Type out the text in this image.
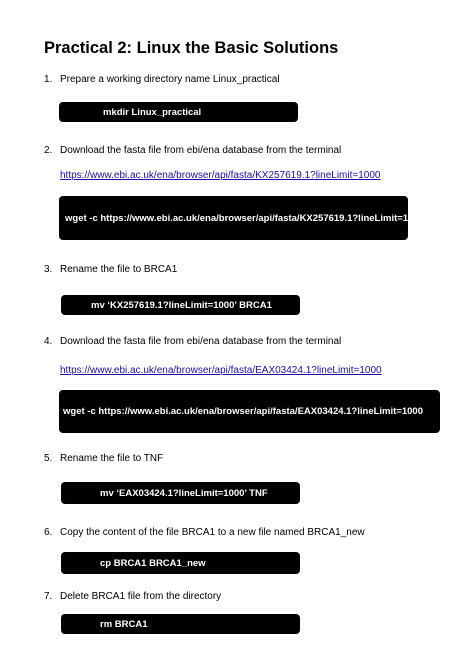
Practical 2: Linux the Basic Solutions
1. Prepare a working directory name Linux_practical
mkdir Linux_practical
2. Download the fasta file from ebi/ena database from the terminal
https://www.ebi.ac.uk/ena/browser/api/fasta/KX257619.1?lineLimit=1000
wget -c https://www.ebi.ac.uk/ena/browser/api/fasta/KX257619.1?lineLimit=1000
3. Rename the file to BRCA1
mv ‘KX257619.1?lineLimit=1000’ BRCA1
4. Download the fasta file from ebi/ena database from the terminal
https://www.ebi.ac.uk/ena/browser/api/fasta/EAX03424.1?lineLimit=1000
wget -c https://www.ebi.ac.uk/ena/browser/api/fasta/EAX03424.1?lineLimit=1000
5. Rename the file to TNF
mv ‘EAX03424.1?lineLimit=1000’ TNF
6. Copy the content of the file BRCA1 to a new file named BRCA1_new
cp BRCA1 BRCA1_new
7. Delete BRCA1 file from the directory
rm BRCA1
